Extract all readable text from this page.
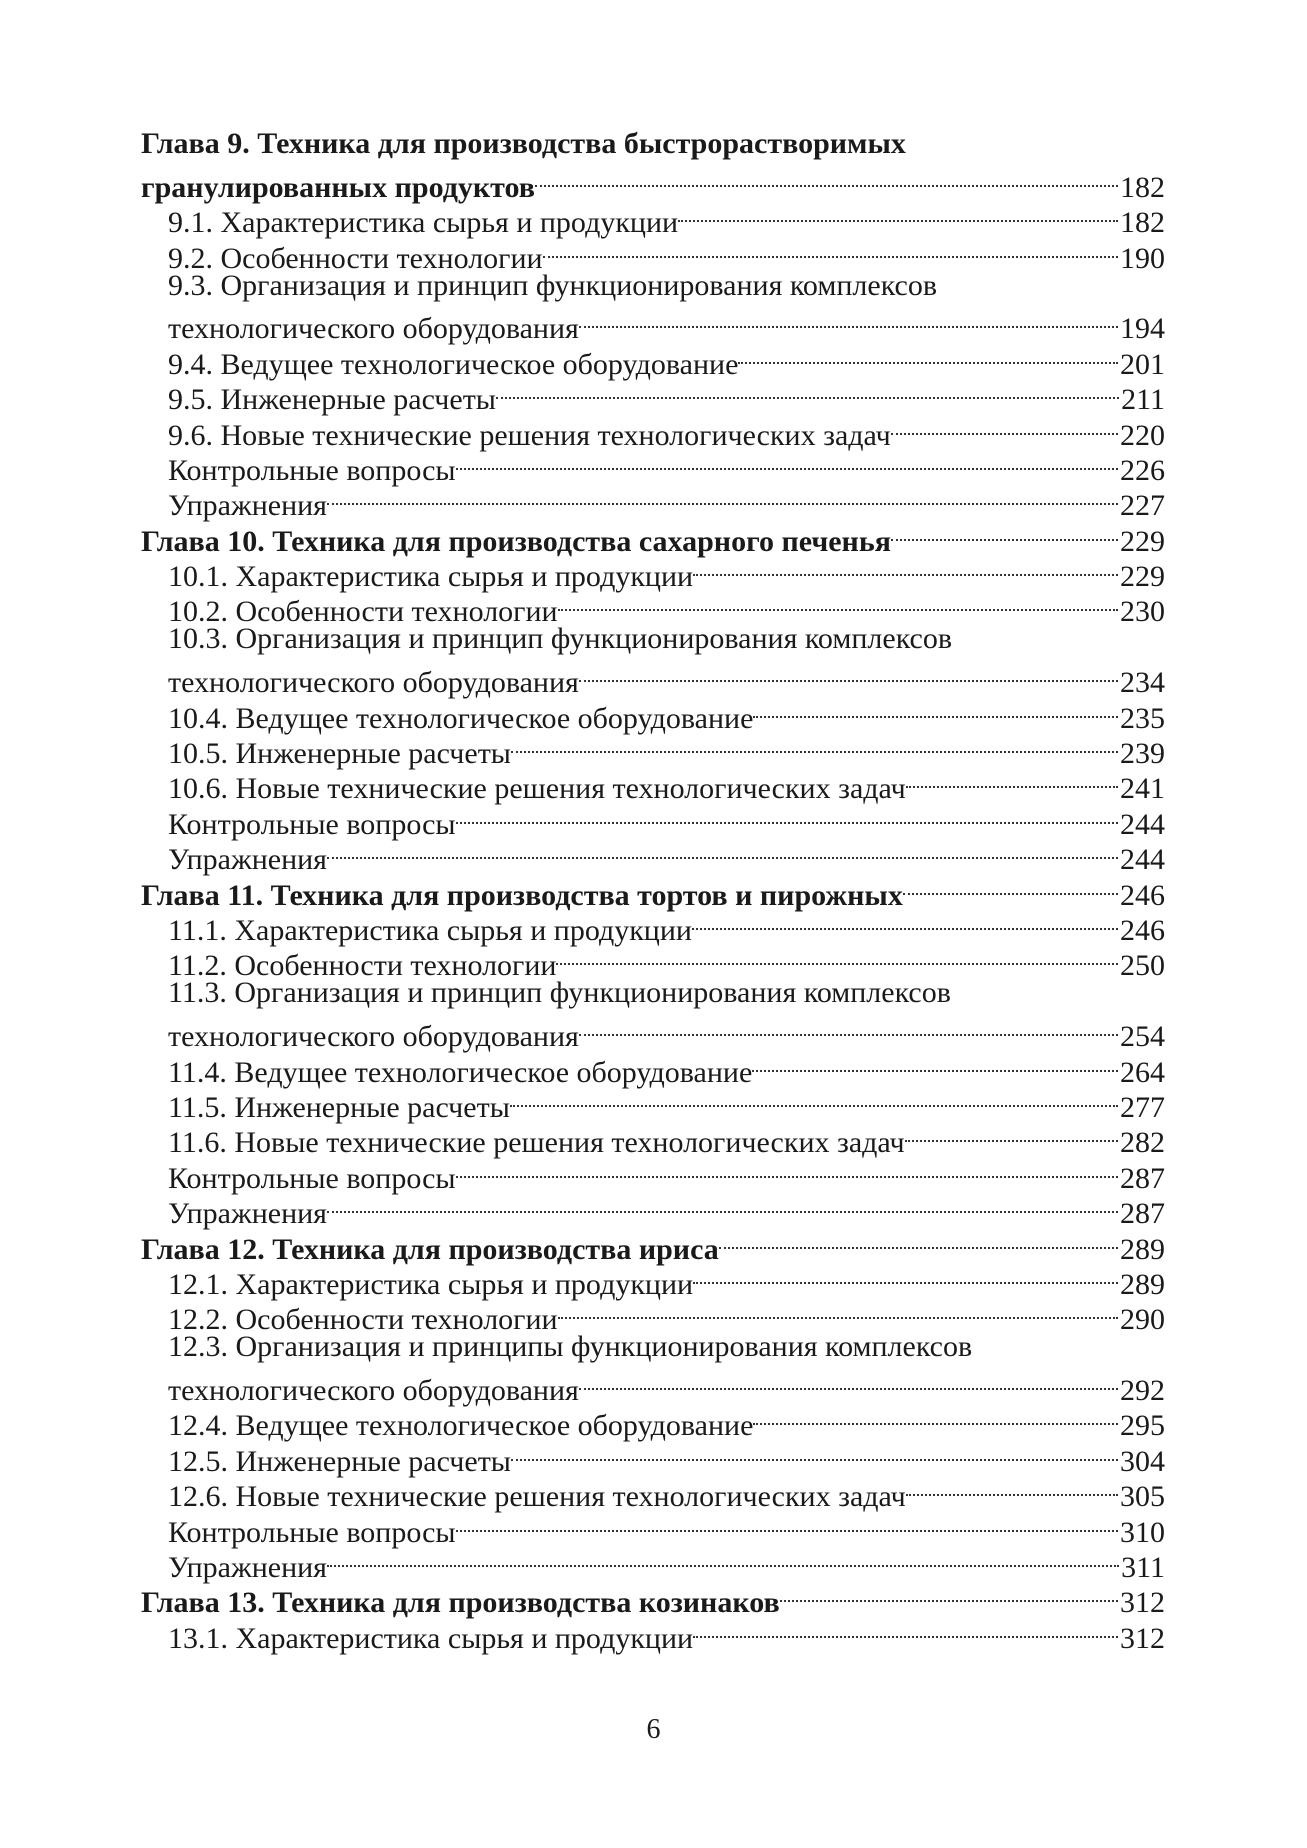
Глава 9. Техника для производства быстрорастворимых
гранулированных продуктов	182
9.1. Характеристика сырья и продукции	182
9.2. Особенности технологии	190
9.3. Организация и принцип функционирования комплексов
технологического оборудования	194
9.4. Ведущее технологическое оборудование	201
9.5. Инженерные расчеты	211
9.6. Новые технические решения технологических задач	220
Контрольные вопросы	226
Упражнения	227
Глава 10. Техника для производства сахарного печенья	229
10.1. Характеристика сырья и продукции	229
10.2. Особенности технологии	230
10.3. Организация и принцип функционирования комплексов
технологического оборудования	234
10.4. Ведущее технологическое оборудование	235
10.5. Инженерные расчеты	239
10.6. Новые технические решения технологических задач	241
Контрольные вопросы	244
Упражнения	244
Глава 11. Техника для производства тортов и пирожных	246
11.1. Характеристика сырья и продукции	246
11.2. Особенности технологии	250
11.3. Организация и принцип функционирования комплексов
технологического оборудования	254
11.4. Ведущее технологическое оборудование	264
11.5. Инженерные расчеты	277
11.6. Новые технические решения технологических задач	282
Контрольные вопросы	287
Упражнения	287
Глава 12. Техника для производства ириса	289
12.1. Характеристика сырья и продукции	289
12.2. Особенности технологии	290
12.3. Организация и принципы функционирования комплексов
технологического оборудования	292
12.4. Ведущее технологическое оборудование	295
12.5. Инженерные расчеты	304
12.6. Новые технические решения технологических задач	305
Контрольные вопросы	310
Упражнения	311
Глава 13. Техника для производства козинаков	312
13.1. Характеристика сырья и продукции	312
6
